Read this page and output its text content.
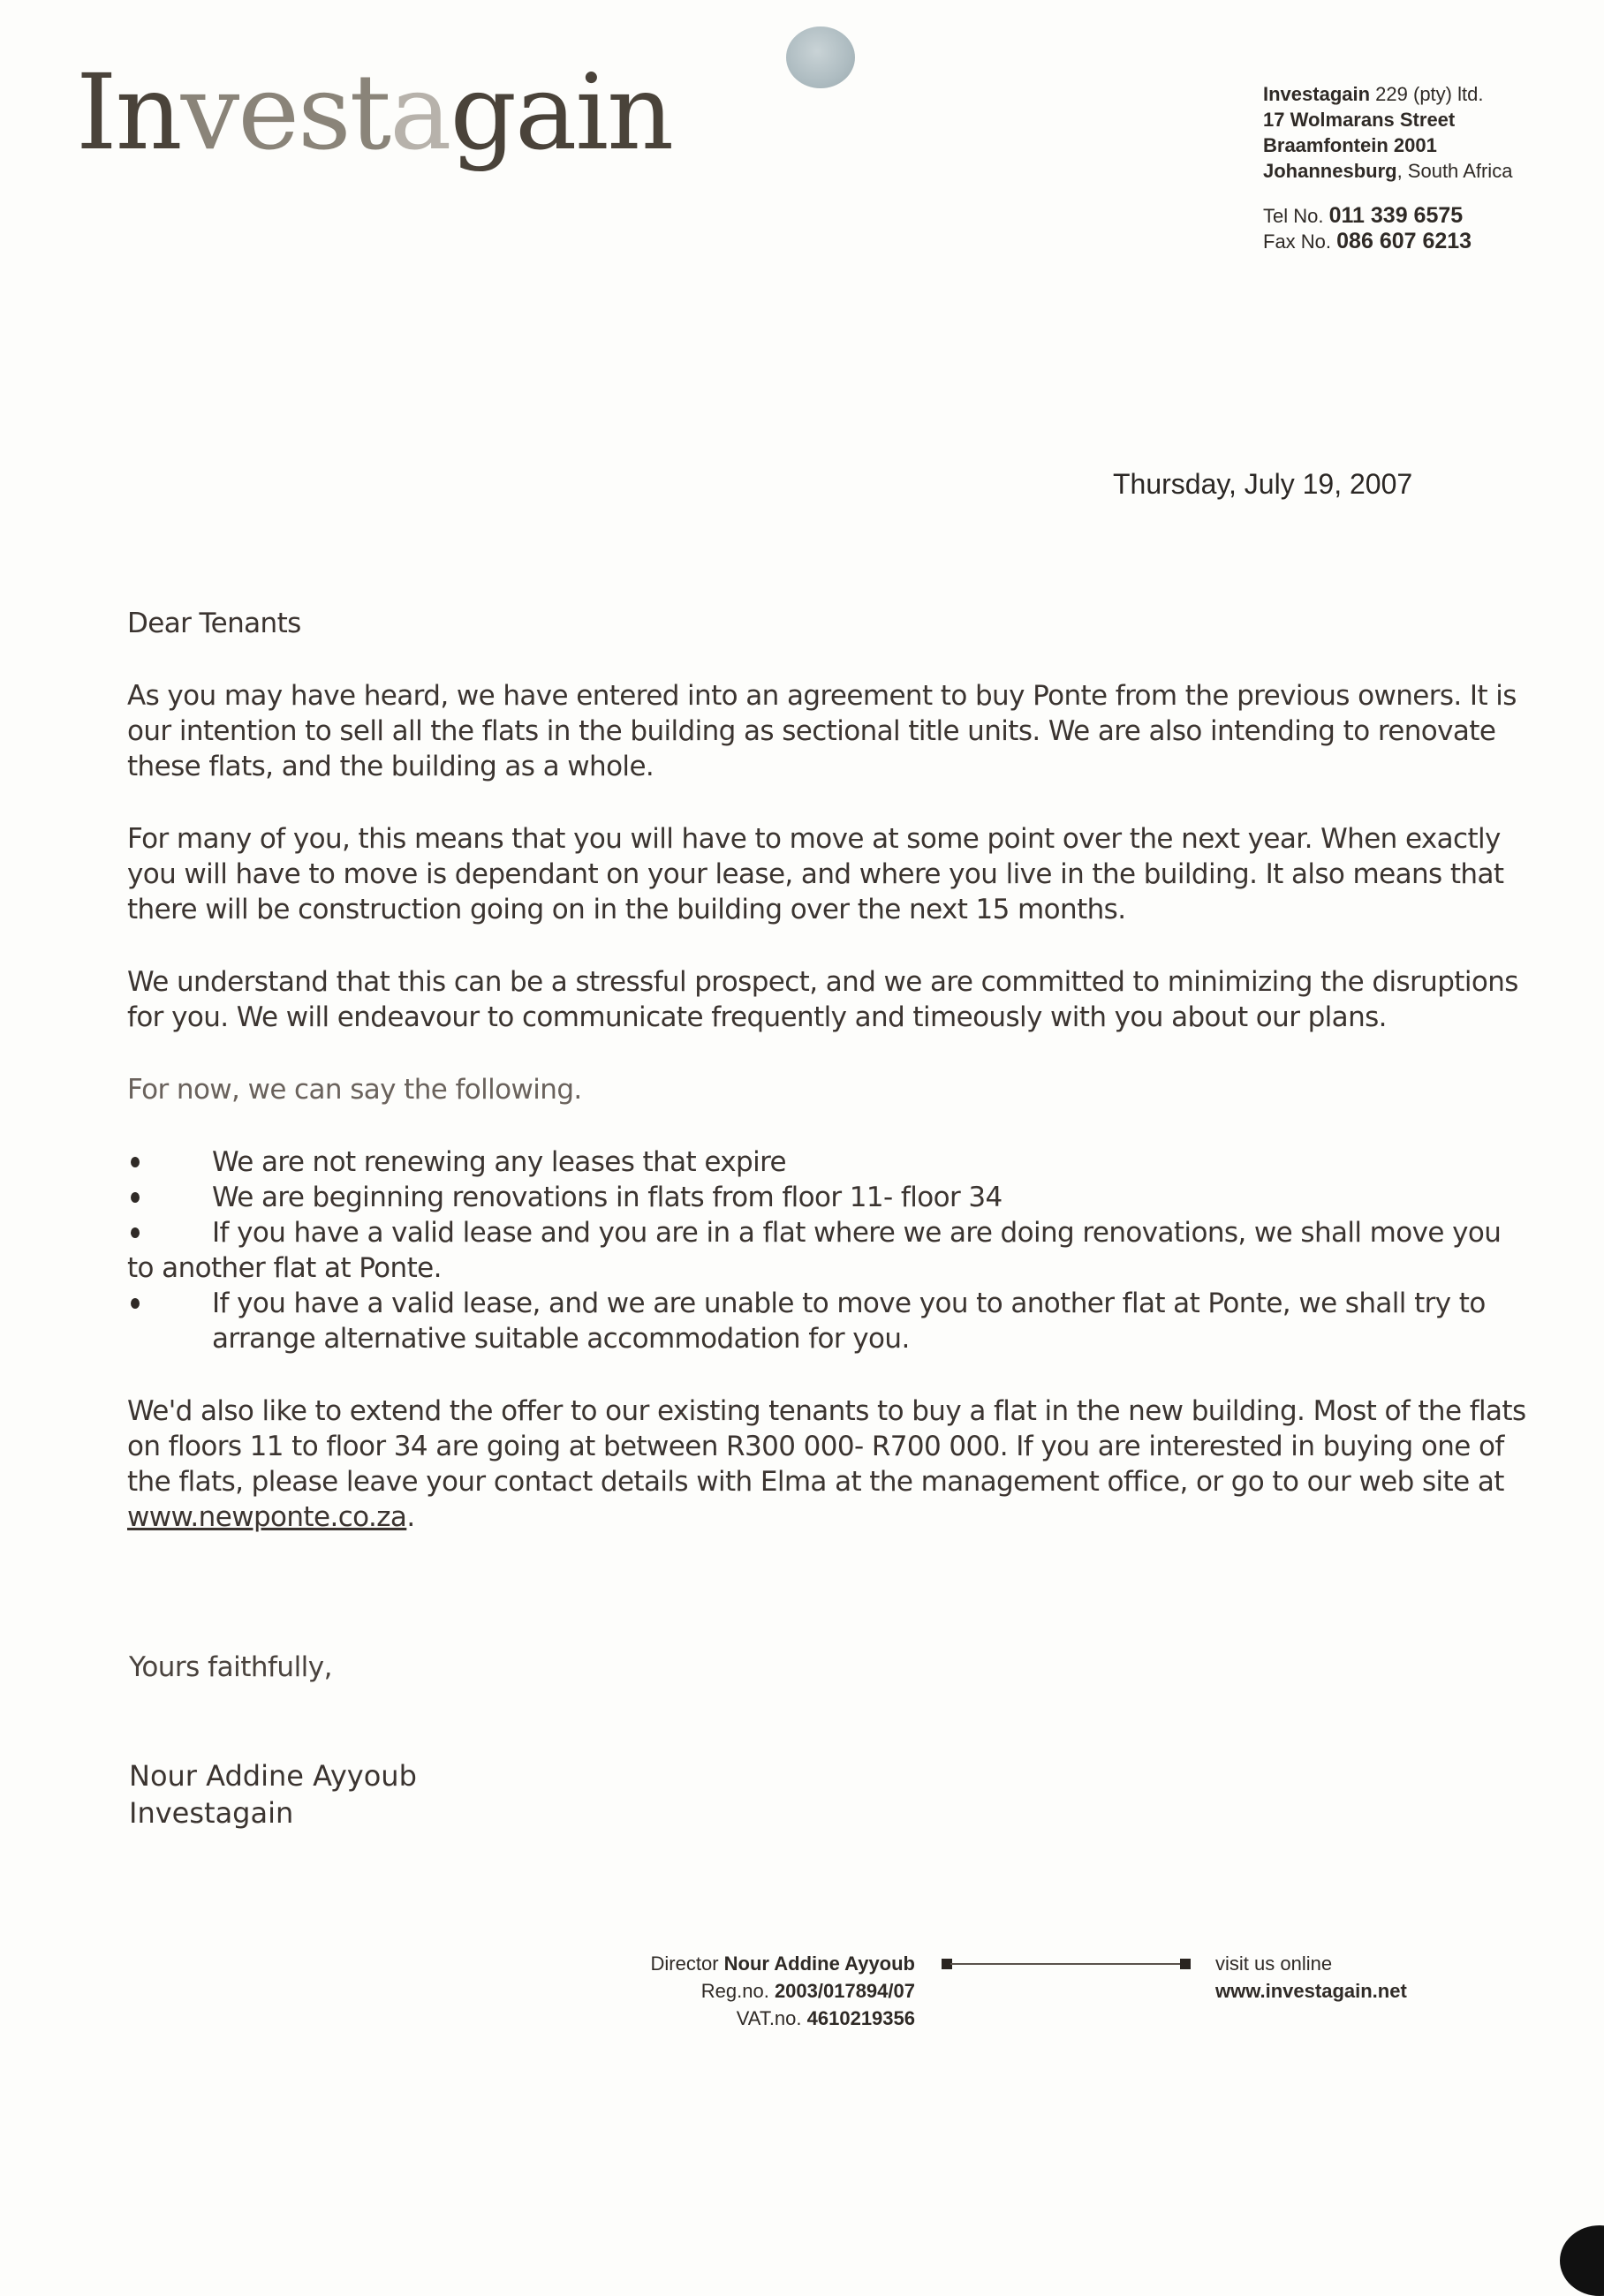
Investagain	Investagain 229 (pty) ltd.
17 Wolmarans Street
Braamfontein 2001
Johannesburg, South Africa
Tel No. 011 339 6575
Fax No. 086 607 6213
Thursday, July 19, 2007

Dear Tenants

As you may have heard, we have entered into an agreement to buy Ponte from the previous owners. It is our intention to sell all the flats in the building as sectional title units. We are also intending to renovate these flats, and the building as a whole.

For many of you, this means that you will have to move at some point over the next year. When exactly you will have to move is dependant on your lease, and where you live in the building. It also means that there will be construction going on in the building over the next 15 months.

We understand that this can be a stressful prospect, and we are committed to minimizing the disruptions for you. We will endeavour to communicate frequently and timeously with you about our plans.

For now, we can say the following.

We are not renewing any leases that expire
We are beginning renovations in flats from floor 11- floor 34
If you have a valid lease and you are in a flat where we are doing renovations, we shall move you to another flat at Ponte.
If you have a valid lease, and we are unable to move you to another flat at Ponte, we shall try to arrange alternative suitable accommodation for you.

We'd also like to extend the offer to our existing tenants to buy a flat in the new building. Most of the flats on floors 11 to floor 34 are going at between R300 000- R700 000. If you are interested in buying one of the flats, please leave your contact details with Elma at the management office, or go to our web site at www.newponte.co.za.

Yours faithfully,
Nour Addine Ayyoub
Investagain
Director Nour Addine Ayyoub
Reg.no. 2003/017894/07
VAT.no. 4610219356
visit us online
www.investagain.net
